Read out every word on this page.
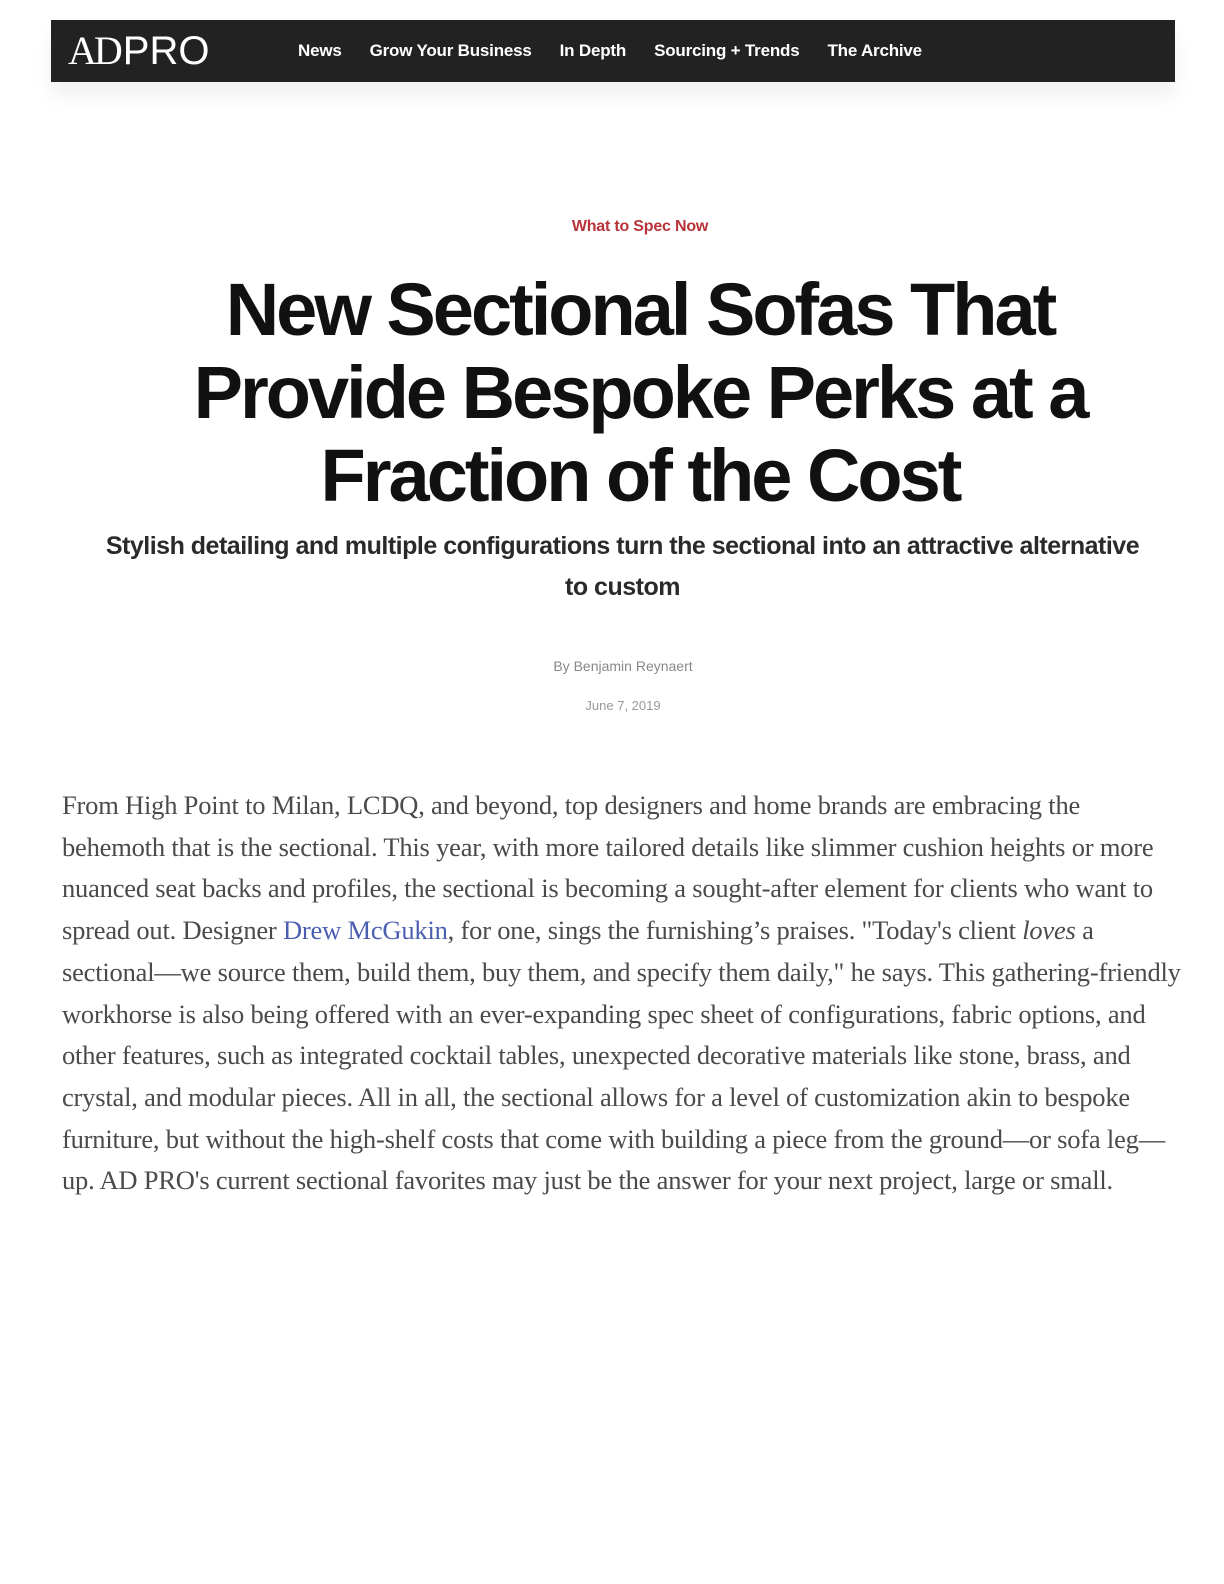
AD PRO	News Grow Your Business In Depth Sourcing + Trends The Archive
What to Spec Now
New Sectional Sofas That Provide Bespoke Perks at a Fraction of the Cost

Stylish detailing and multiple configurations turn the sectional into an attractive alternative to custom

By Benjamin Reynaert
June 7, 2019

From High Point to Milan, LCDQ, and beyond, top designers and home brands are embracing the behemoth that is the sectional. This year, with more tailored details like slimmer cushion heights or more nuanced seat backs and profiles, the sectional is becoming a sought-after element for clients who want to spread out. Designer Drew McGukin, for one, sings the furnishing’s praises. "Today's client loves a sectional—we source them, build them, buy them, and specify them daily," he says. This gathering-friendly workhorse is also being offered with an ever-expanding spec sheet of configurations, fabric options, and other features, such as integrated cocktail tables, unexpected decorative materials like stone, brass, and crystal, and modular pieces. All in all, the sectional allows for a level of customization akin to bespoke furniture, but without the high-shelf costs that come with building a piece from the ground—or sofa leg—up. AD PRO's current sectional favorites may just be the answer for your next project, large or small.
